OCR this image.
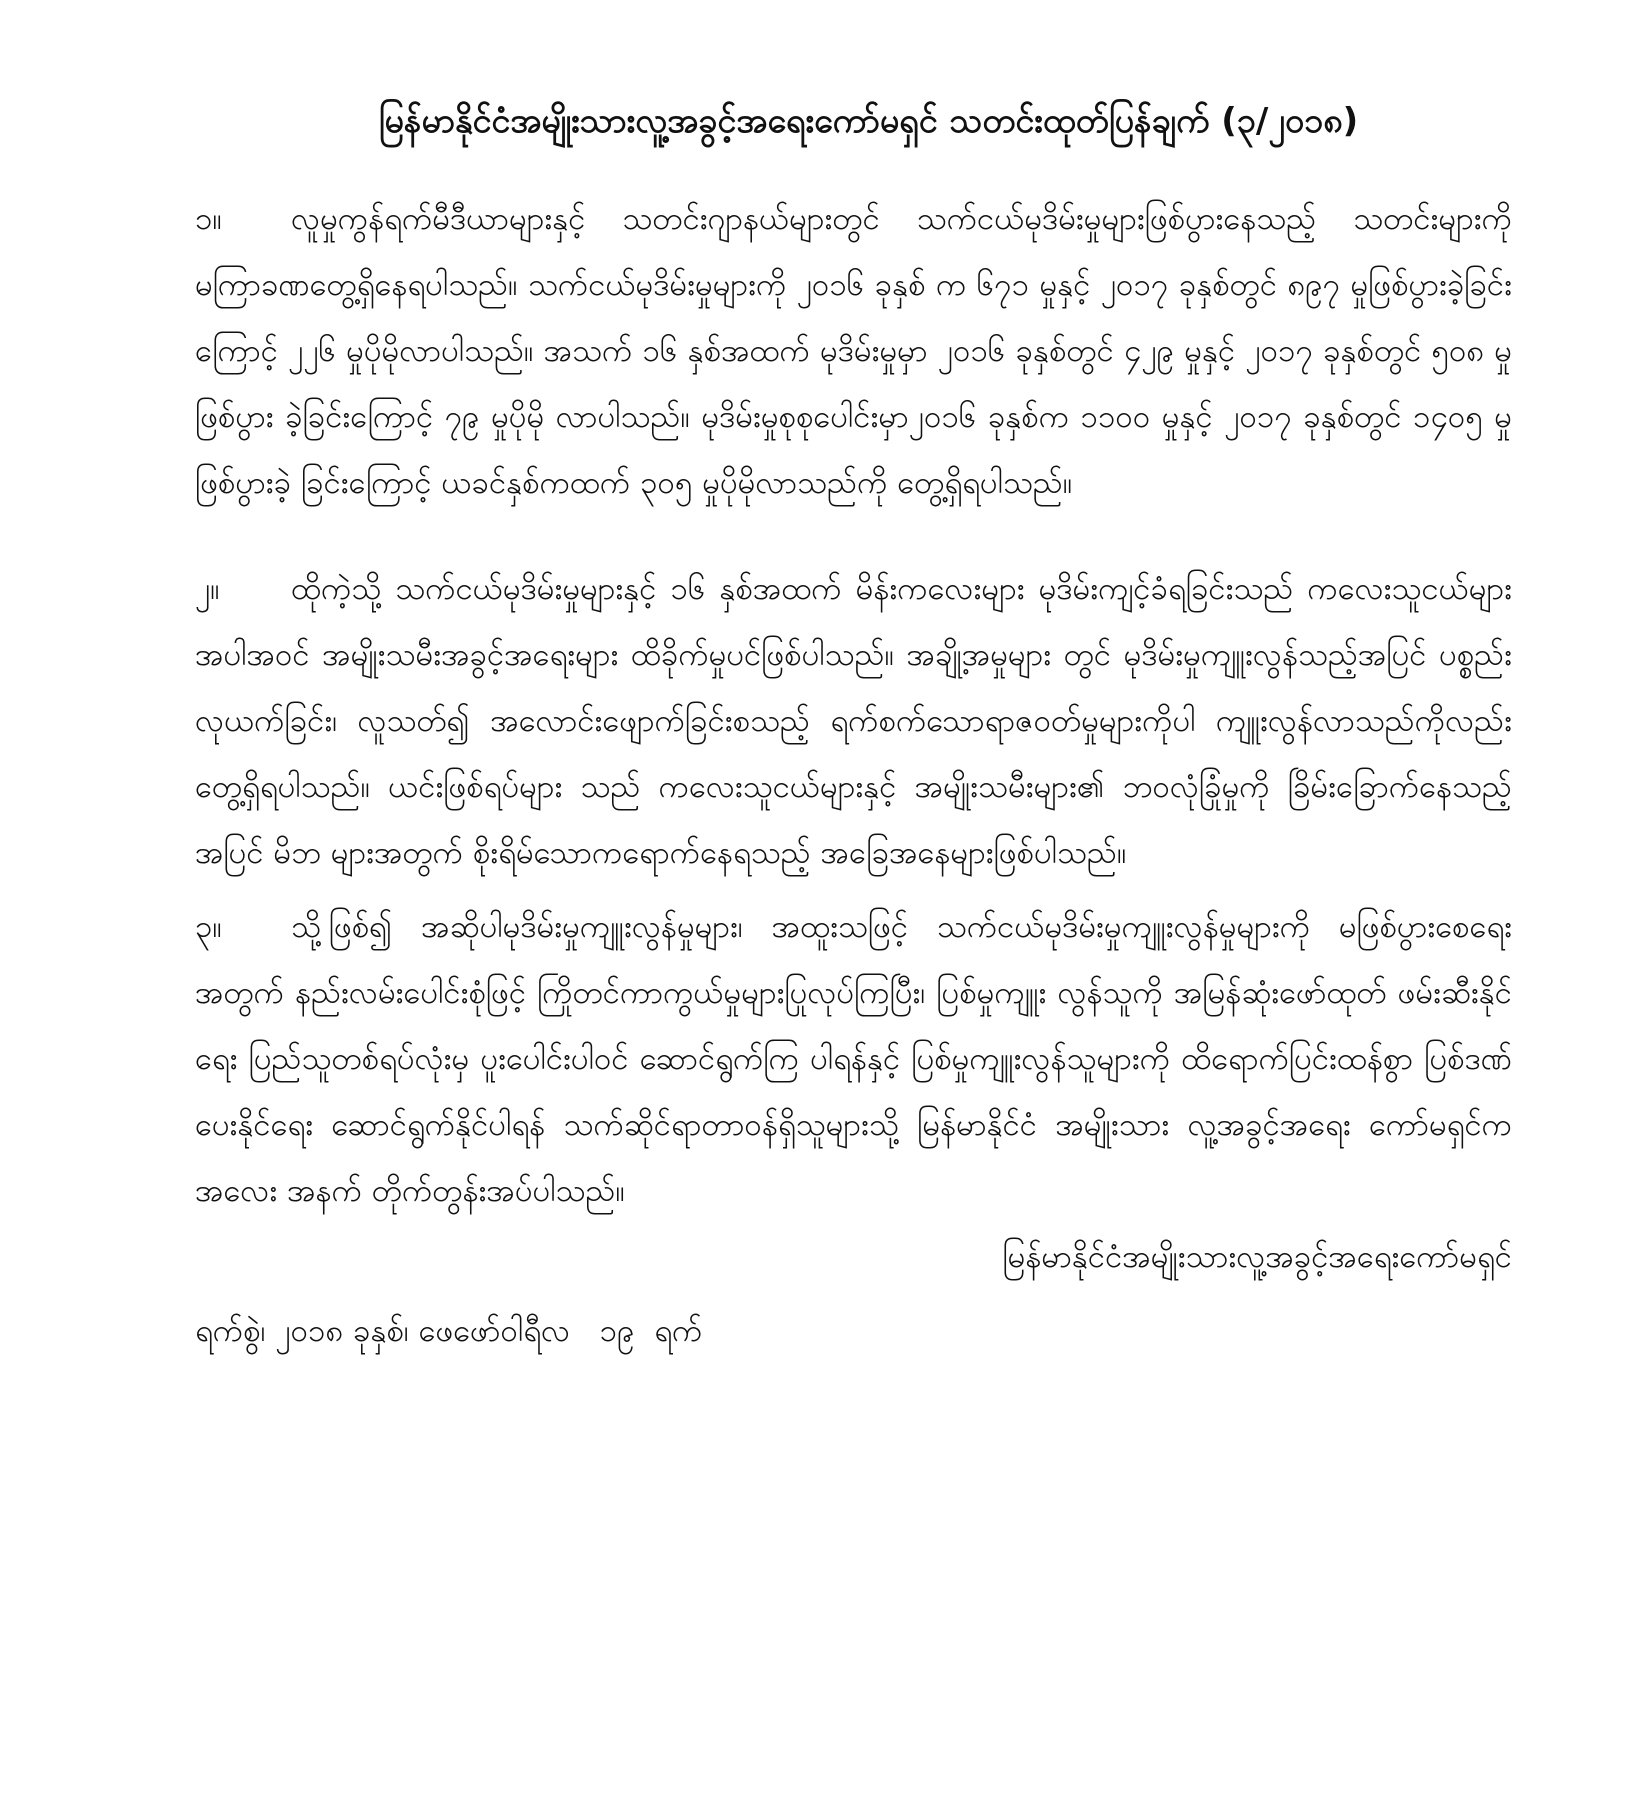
မြန်မာနိုင်ငံအမျိုးသားလူ့အခွင့်အရေးကော်မရှင် သတင်းထုတ်ပြန်ချက် (၃/၂၀၁၈)

၁။ လူမှုကွန်ရက်မီဒီယာများနှင့် သတင်းဂျာနယ်များတွင် သက်ငယ်မုဒိမ်းမှုများဖြစ်ပွားနေသည့် သတင်းများကို မကြာခဏတွေ့ရှိနေရပါသည်။ သက်ငယ်မုဒိမ်းမှုများကို ၂၀၁၆ ခုနှစ် က ၆၇၁ မှုနှင့် ၂၀၁၇ ခုနှစ်တွင် ၈၉၇ မှုဖြစ်ပွားခဲ့ခြင်းကြောင့် ၂၂၆ မှုပိုမိုလာပါသည်။ အသက် ၁၆ နှစ်အထက် မုဒိမ်းမှုမှာ ၂၀၁၆ ခုနှစ်တွင် ၄၂၉ မှုနှင့် ၂၀၁၇ ခုနှစ်တွင် ၅၀၈ မှု ဖြစ်ပွား ခဲ့ခြင်းကြောင့် ၇၉ မှုပိုမို လာပါသည်။ မုဒိမ်းမှုစုစုပေါင်းမှာ၂၀၁၆ ခုနှစ်က ၁၁၀၀ မှုနှင့် ၂၀၁၇ ခုနှစ်တွင် ၁၄၀၅ မှုဖြစ်ပွားခဲ့ ခြင်းကြောင့် ယခင်နှစ်ကထက် ၃၀၅ မှုပိုမိုလာသည်ကို တွေ့ရှိရပါသည်။

၂။ ထိုကဲ့သို့ သက်ငယ်မုဒိမ်းမှုများနှင့် ၁၆ နှစ်အထက် မိန်းကလေးများ မုဒိမ်းကျင့်ခံရခြင်းသည် ကလေးသူငယ်များအပါအဝင် အမျိုးသမီးအခွင့်အရေးများ ထိခိုက်မှုပင်ဖြစ်ပါသည်။ အချို့အမှုများ တွင် မုဒိမ်းမှုကျူးလွန်သည့်အပြင် ပစ္စည်းလုယက်ခြင်း၊ လူသတ်၍ အလောင်းဖျောက်ခြင်းစသည့် ရက်စက်သောရာဇဝတ်မှုများကိုပါ ကျူးလွန်လာသည်ကိုလည်း တွေ့ရှိရပါသည်။ ယင်းဖြစ်ရပ်များ သည် ကလေးသူငယ်များနှင့် အမျိုးသမီးများ၏ ဘဝလုံခြုံမှုကို ခြိမ်းခြောက်နေသည့်အပြင် မိဘ များအတွက် စိုးရိမ်သောကရောက်နေရသည့် အခြေအနေများဖြစ်ပါသည်။

၃။ သို့ဖြစ်၍ အဆိုပါမုဒိမ်းမှုကျူးလွန်မှုများ၊ အထူးသဖြင့် သက်ငယ်မုဒိမ်းမှုကျူးလွန်မှုများကို မဖြစ်ပွားစေရေးအတွက် နည်းလမ်းပေါင်းစုံဖြင့် ကြိုတင်ကာကွယ်မှုများပြုလုပ်ကြပြီး၊ ပြစ်မှုကျူး လွန်သူကို အမြန်ဆုံးဖော်ထုတ် ဖမ်းဆီးနိုင်ရေး ပြည်သူတစ်ရပ်လုံးမှ ပူးပေါင်းပါဝင် ဆောင်ရွက်ကြ ပါရန်နှင့် ပြစ်မှုကျူးလွန်သူများကို ထိရောက်ပြင်းထန်စွာ ပြစ်ဒဏ်ပေးနိုင်ရေး ဆောင်ရွက်နိုင်ပါရန် သက်ဆိုင်ရာတာဝန်ရှိသူများသို့ မြန်မာနိုင်ငံ အမျိုးသား လူ့အခွင့်အရေး ကော်မရှင်က အလေး အနက် တိုက်တွန်းအပ်ပါသည်။

မြန်မာနိုင်ငံအမျိုးသားလူ့အခွင့်အရေးကော်မရှင်

ရက်စွဲ၊ ၂၀၁၈ ခုနှစ်၊ ဖေဖော်ဝါရီလ   ၁၉  ရက်
